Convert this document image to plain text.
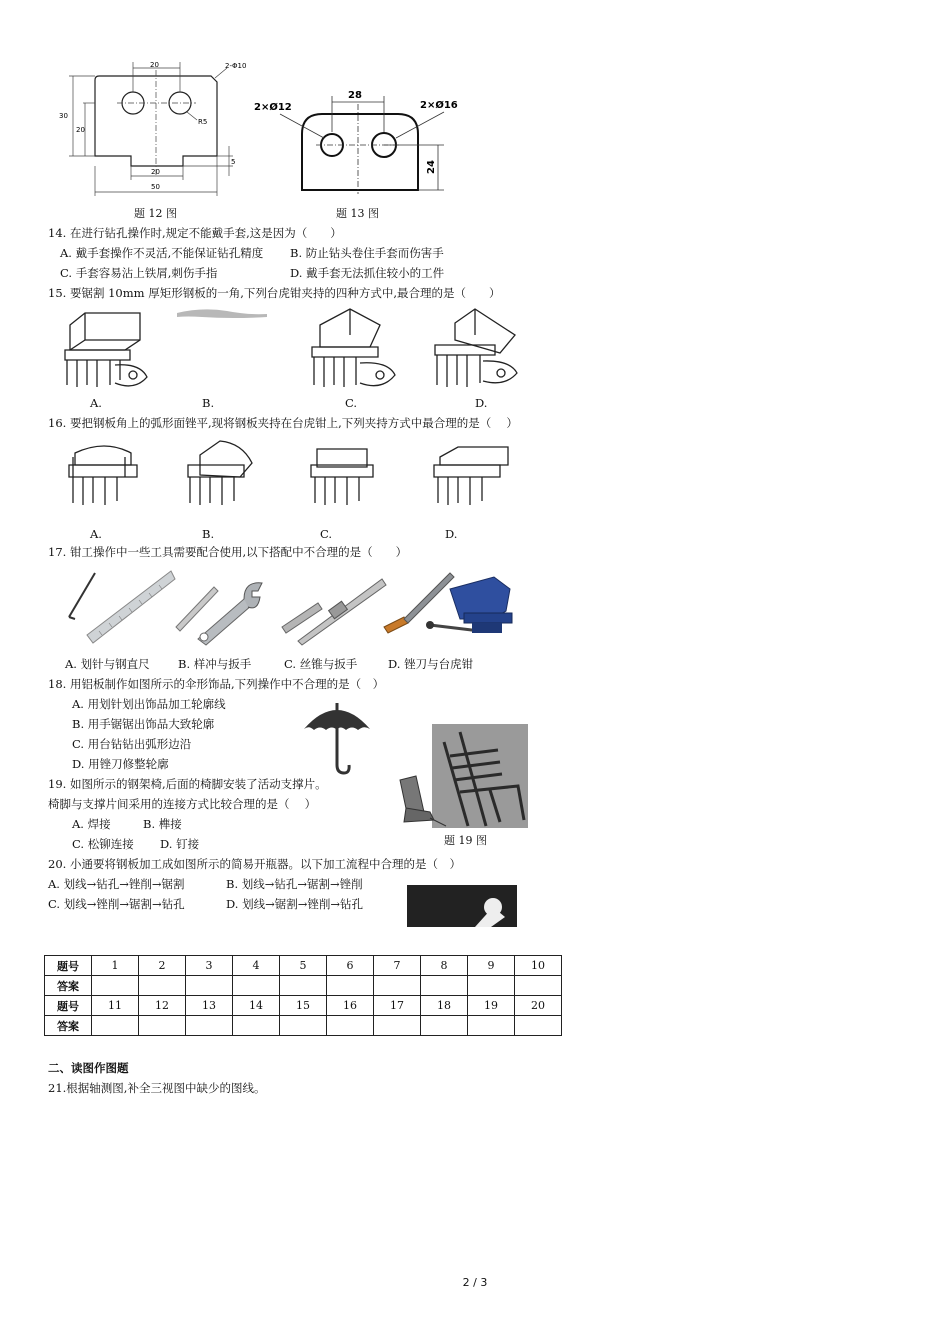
20	2-Φ10
R5
30
20
5
20
50
题 12 图
28
2×Ø12	2×Ø16
24
题 13 图
14. 在进行钻孔操作时,规定不能戴手套,这是因为（　　）
A. 戴手套操作不灵活,不能保证钻孔精度 B. 防止钻头卷住手套而伤害手
C. 手套容易沾上铁屑,刺伤手指	D. 戴手套无法抓住较小的工件
15. 要锯割 10mm 厚矩形钢板的一角,下列台虎钳夹持的四种方式中,最合理的是（　　）
A.	B.	C.	D.
16. 要把钢板角上的弧形面锉平,现将钢板夹持在台虎钳上,下列夹持方式中最合理的是（　 ）
A.	B.	C.	D.
17. 钳工操作中一些工具需要配合使用,以下搭配中不合理的是（　　）
A. 划针与钢直尺 B. 样冲与扳手	C. 丝锥与扳手	D. 锉刀与台虎钳
18. 用铝板制作如图所示的伞形饰品,下列操作中不合理的是（　）
A. 用划针划出饰品加工轮廓线
B. 用手锯锯出饰品大致轮廓
C. 用台钻钻出弧形边沿
D. 用锉刀修整轮廓
19. 如图所示的钢架椅,后面的椅脚安装了活动支撑片。
椅脚与支撑片间采用的连接方式比较合理的是（　 ）
A. 焊接	B. 榫接
C. 松铆连接 D. 钉接	题 19 图
20. 小通要将钢板加工成如图所示的简易开瓶器。以下加工流程中合理的是（　）
A. 划线→钻孔→锉削→锯割	B. 划线→钻孔→锯割→锉削
C. 划线→锉削→锯割→钻孔	D. 划线→锯割→锉削→钻孔
题号	1	2	3	4	5	6	7	8	9	10
答案										
题号	11	12	13	14	15	16	17	18	19	20
答案										
二、读图作图题
21.根据轴测图,补全三视图中缺少的图线。
2 / 3
